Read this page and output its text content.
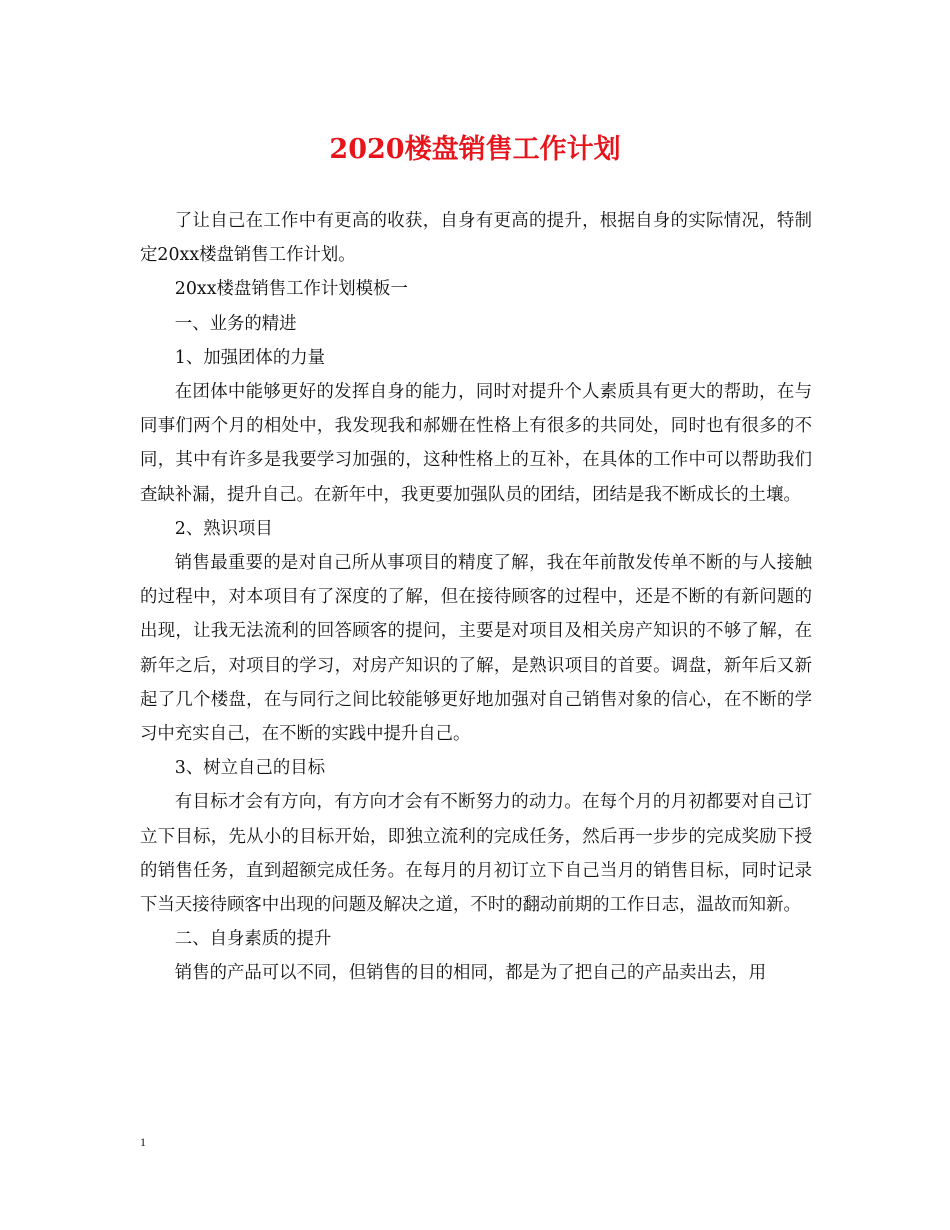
2020楼盘销售工作计划

了让自己在工作中有更高的收获，自身有更高的提升，根据自身的实际情况，特制定20xx楼盘销售工作计划。

20xx楼盘销售工作计划模板一

一、业务的精进

1、加强团体的力量

在团体中能够更好的发挥自身的能力，同时对提升个人素质具有更大的帮助，在与同事们两个月的相处中，我发现我和郝姗在性格上有很多的共同处，同时也有很多的不同，其中有许多是我要学习加强的，这种性格上的互补，在具体的工作中可以帮助我们查缺补漏，提升自己。在新年中，我更要加强队员的团结，团结是我不断成长的土壤。

2、熟识项目

销售最重要的是对自己所从事项目的精度了解，我在年前散发传单不断的与人接触的过程中，对本项目有了深度的了解，但在接待顾客的过程中，还是不断的有新问题的出现，让我无法流利的回答顾客的提问，主要是对项目及相关房产知识的不够了解，在新年之后，对项目的学习，对房产知识的了解，是熟识项目的首要。调盘，新年后又新起了几个楼盘，在与同行之间比较能够更好地加强对自己销售对象的信心，在不断的学习中充实自己，在不断的实践中提升自己。

3、树立自己的目标

有目标才会有方向，有方向才会有不断努力的动力。在每个月的月初都要对自己订立下目标，先从小的目标开始，即独立流利的完成任务，然后再一步步的完成奖励下授的销售任务，直到超额完成任务。在每月的月初订立下自己当月的销售目标，同时记录下当天接待顾客中出现的问题及解决之道，不时的翻动前期的工作日志，温故而知新。

二、自身素质的提升

销售的产品可以不同，但销售的目的相同，都是为了把自己的产品卖出去，用

1
